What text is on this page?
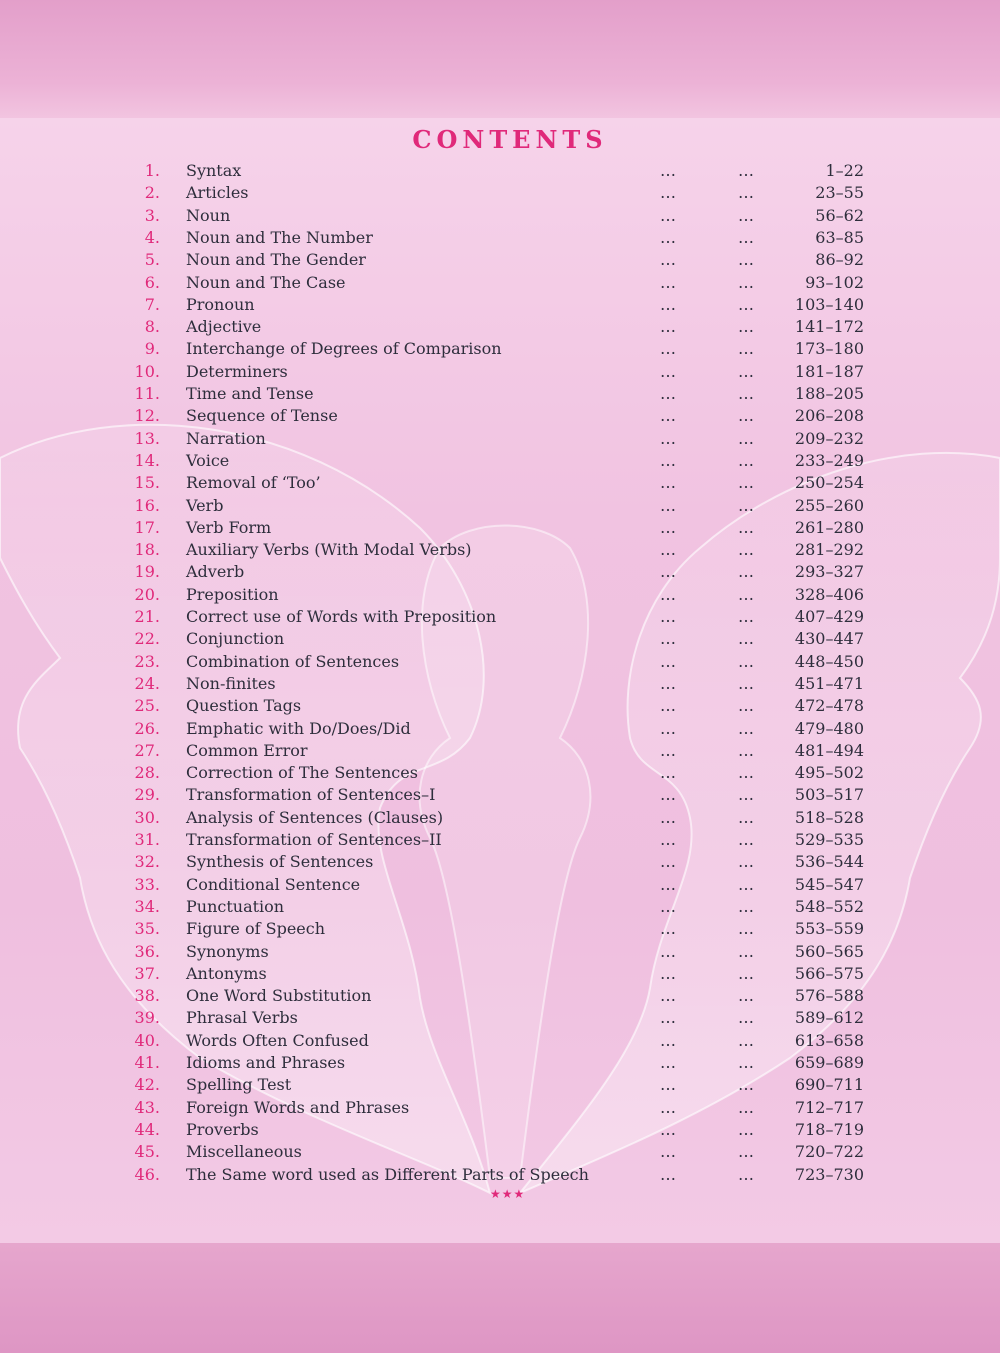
CONTENTS
1. Syntax	…	…	1–22
2. Articles	…	…	23–55
3. Noun	…	…	56–62
4. Noun and The Number	…	…	63–85
5. Noun and The Gender	…	…	86–92
6. Noun and The Case	…	…	93–102
7. Pronoun	…	…	103–140
8. Adjective	…	…	141–172
9. Interchange of Degrees of Comparison	…	…	173–180
10. Determiners	…	…	181–187
11. Time and Tense	…	…	188–205
12. Sequence of Tense	…	…	206–208
13. Narration	…	…	209–232
14. Voice	…	…	233–249
15. Removal of ‘Too’	…	…	250–254
16. Verb	…	…	255–260
17. Verb Form	…	…	261–280
18. Auxiliary Verbs (With Modal Verbs)	…	…	281–292
19. Adverb	…	…	293–327
20. Preposition	…	…	328–406
21. Correct use of Words with Preposition	…	…	407–429
22. Conjunction	…	…	430–447
23. Combination of Sentences	…	…	448–450
24. Non-finites	…	…	451–471
25. Question Tags	…	…	472–478
26. Emphatic with Do/Does/Did	…	…	479–480
27. Common Error	…	…	481–494
28. Correction of The Sentences	…	…	495–502
29. Transformation of Sentences–I	…	…	503–517
30. Analysis of Sentences (Clauses)	…	…	518–528
31. Transformation of Sentences–II	…	…	529–535
32. Synthesis of Sentences	…	…	536–544
33. Conditional Sentence	…	…	545–547
34. Punctuation	…	…	548–552
35. Figure of Speech	…	…	553–559
36. Synonyms	…	…	560–565
37. Antonyms	…	…	566–575
38. One Word Substitution	…	…	576–588
39. Phrasal Verbs	…	…	589–612
40. Words Often Confused	…	…	613–658
41. Idioms and Phrases	…	…	659–689
42. Spelling Test	…	…	690–711
43. Foreign Words and Phrases	…	…	712–717
44. Proverbs	…	…	718–719
45. Miscellaneous	…	…	720–722
46. The Same word used as Different Parts of Speech	…	…	723–730
★★★
